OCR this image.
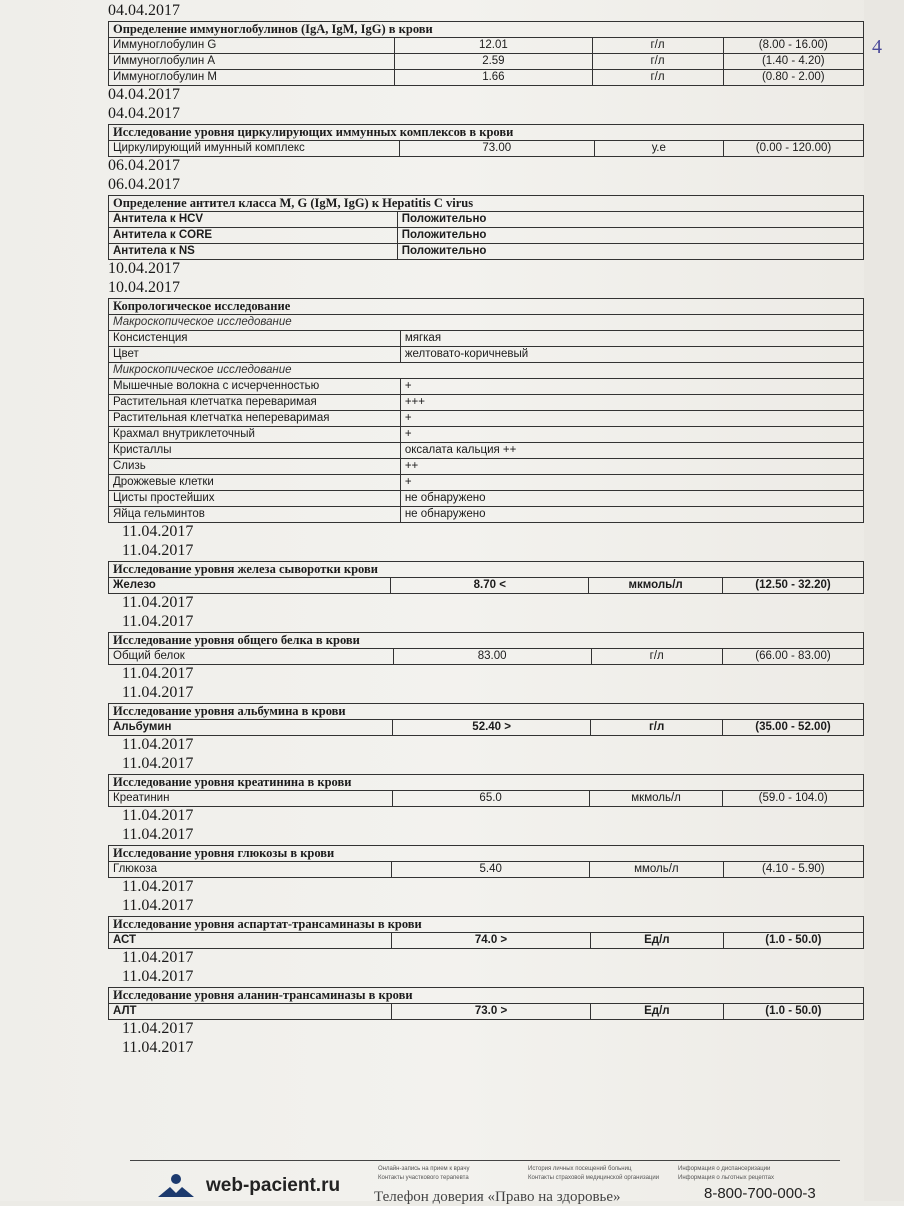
04.04.2017
Определение иммуноглобулинов (IgA, IgM, IgG) в крови			
Иммуноглобулин G	12.01	г/л	(8.00 - 16.00)
Иммуноглобулин А	2.59	г/л	(1.40 - 4.20)
Иммуноглобулин М	1.66	г/л	(0.80 - 2.00)
04.04.2017
04.04.2017
Исследование уровня циркулирующих иммунных комплексов в крови
Циркулирующий имунный комплекс	73.00	у.е	(0.00 - 120.00)
06.04.2017
06.04.2017
Определение антител класса M, G (IgM, IgG) к Hepatitis C virus	
Антитела к HCV	Положительно
Антитела к CORE	Положительно
Антитела к NS	Положительно
10.04.2017
10.04.2017
Копрологическое исследование	
Макроскопическое исследование	
Консистенция	мягкая
Цвет	желтовато-коричневый
Микроскопическое исследование	
Мышечные волокна с исчерченностью	+
Растительная клетчатка переваримая	+++
Растительная клетчатка непереваримая	+
Крахмал внутриклеточный	+
Кристаллы	оксалата кальция ++
Слизь	++
Дрожжевые клетки	+
Цисты простейших	не обнаружено
Яйца гельминтов	не обнаружено
11.04.2017
11.04.2017
Исследование уровня железа сыворотки крови
Железо	8.70 <	мкмоль/л	(12.50 - 32.20)
11.04.2017
11.04.2017
Исследование уровня общего белка в крови
Общий белок	83.00	г/л	(66.00 - 83.00)
11.04.2017
11.04.2017
Исследование уровня альбумина в крови
Альбумин	52.40 >	г/л	(35.00 - 52.00)
11.04.2017
11.04.2017
Исследование уровня креатинина в крови
Креатинин	65.0	мкмоль/л	(59.0 - 104.0)
11.04.2017
11.04.2017
Исследование уровня глюкозы в крови
Глюкоза	5.40	ммоль/л	(4.10 - 5.90)
11.04.2017
11.04.2017
Исследование уровня аспартат-трансаминазы в крови
АСТ	74.0 >	Ед/л	(1.0 - 50.0)
11.04.2017
11.04.2017
Исследование уровня аланин-трансаминазы в крови
АЛТ	73.0 >	Ед/л	(1.0 - 50.0)
11.04.2017
11.04.2017
4
web-pacient.ru
Онлайн-запись на прием к врачу	История личных посещений больниц	Информация о диспансеризации
Контакты участкового терапевта	Контакты страховой медицинской организации	Информация о льготных рецептах
Телефон доверия «Право на здоровье»	8-800-700-000-3
